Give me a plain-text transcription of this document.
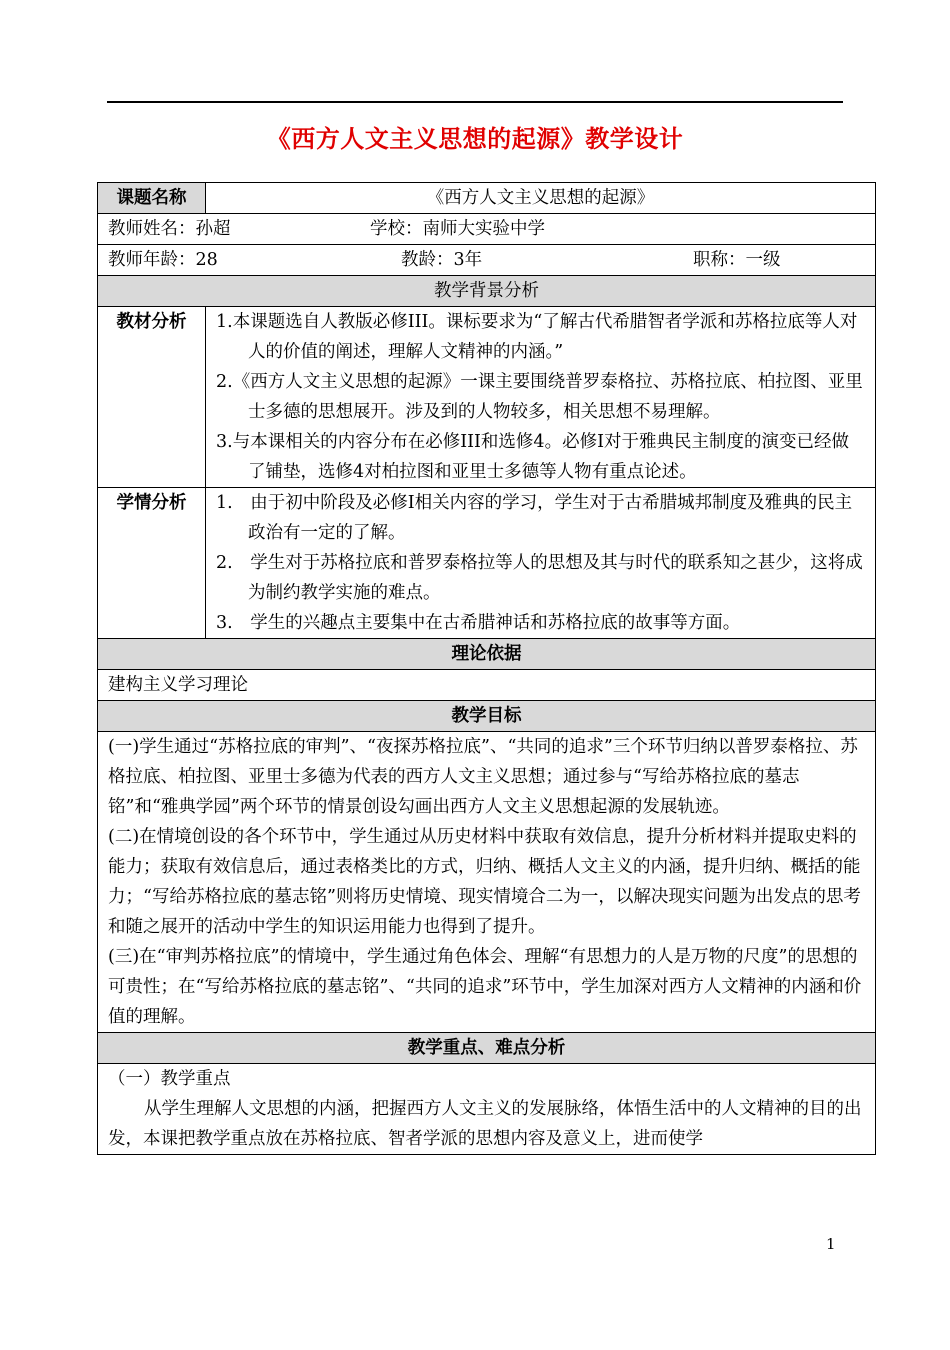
《西方人文主义思想的起源》教学设计
课题名称	《西方人文主义思想的起源》
教师姓名：孙超 学校：南师大实验中学	
教师年龄：28 教龄：3年 职称：一级	
教学背景分析	
教材分析	1.本课题选自人教版必修III。课标要求为“了解古代希腊智者学派和苏格拉底等人对人的价值的阐述，理解人文精神的内涵。”
2.《西方人文主义思想的起源》一课主要围绕普罗泰格拉、苏格拉底、柏拉图、亚里士多德的思想展开。涉及到的人物较多，相关思想不易理解。
3.与本课相关的内容分布在必修III和选修4。必修I对于雅典民主制度的演变已经做了铺垫，选修4对柏拉图和亚里士多德等人物有重点论述。

学情分析	1.　由于初中阶段及必修I相关内容的学习，学生对于古希腊城邦制度及雅典的民主政治有一定的了解。
2.　学生对于苏格拉底和普罗泰格拉等人的思想及其与时代的联系知之甚少，这将成为制约教学实施的难点。
3.　学生的兴趣点主要集中在古希腊神话和苏格拉底的故事等方面。

理论依据	
建构主义学习理论	
教学目标	

(一)学生通过“苏格拉底的审判”、“夜探苏格拉底”、“共同的追求”三个环节归纳以普罗泰格拉、苏格拉底、柏拉图、亚里士多德为代表的西方人文主义思想；通过参与“写给苏格拉底的墓志铭”和“雅典学园”两个环节的情景创设勾画出西方人文主义思想起源的发展轨迹。
(二)在情境创设的各个环节中，学生通过从历史材料中获取有效信息，提升分析材料并提取史料的能力；获取有效信息后，通过表格类比的方式，归纳、概括人文主义的内涵，提升归纳、概括的能力；“写给苏格拉底的墓志铭”则将历史情境、现实情境合二为一，以解决现实问题为出发点的思考和随之展开的活动中学生的知识运用能力也得到了提升。
(三)在“审判苏格拉底”的情境中，学生通过角色体会、理解“有思想力的人是万物的尺度”的思想的可贵性；在“写给苏格拉底的墓志铭”、“共同的追求”环节中，学生加深对西方人文精神的内涵和价值的理解。	

教学重点、难点分析	

（一）教学重点
从学生理解人文思想的内涵，把握西方人文主义的发展脉络，体悟生活中的人文精神的目的出发，本课把教学重点放在苏格拉底、智者学派的思想内容及意义上，进而使学	
1
